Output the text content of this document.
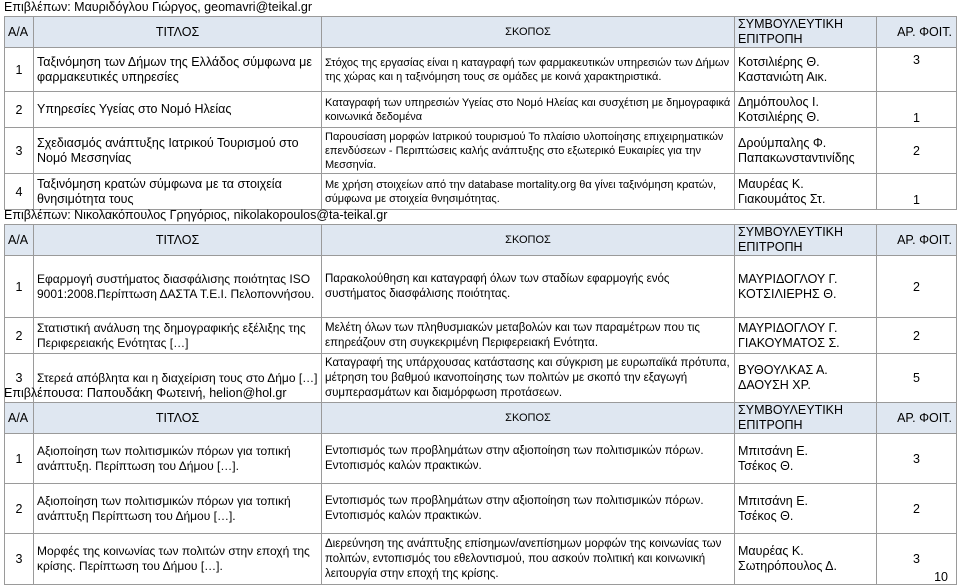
Επιβλέπων: Μαυριδόγλου Γιώργος, geomavri@teikal.gr
Α/Α	ΤΙΤΛΟΣ	ΣΚΟΠΟΣ	ΣΥΜΒΟΥΛΕΥΤΙΚΗ ΕΠΙΤΡΟΠΗ	ΑΡ. ΦΟΙΤ.
1	Ταξινόμηση των Δήμων της Ελλάδος σύμφωνα με φαρμακευτικές υπηρεσίες	Στόχος της εργασίας είναι η καταγραφή των φαρμακευτικών υπηρεσιών των Δήμων της χώρας και η ταξινόμηση τους σε ομάδες με κοινά χαρακτηριστικά.	Κοτσιλιέρης Θ.
Καστανιώτη Αικ.	3
2	Υπηρεσίες Υγείας στο Νομό Ηλείας	Καταγραφή των υπηρεσιών Υγείας στο Νομό Ηλείας και συσχέτιση με δημογραφικά κοινωνικά δεδομένα	Δημόπουλος Ι.
Κοτσιλιέρης Θ.	1
3	Σχεδιασμός ανάπτυξης Ιατρικού Τουρισμού στο Νομό Μεσσηνίας	Παρουσίαση μορφών Ιατρικού τουρισμού Το πλαίσιο υλοποίησης επιχειρηματικών επενδύσεων - Περιπτώσεις καλής ανάπτυξης στο εξωτερικό Ευκαιρίες για την Μεσσηνία.	Δρούμπαλης Φ.
Παπακωνσταντινίδης	2
4	Ταξινόμηση κρατών σύμφωνα με τα στοιχεία θνησιμότητα τους	Με χρήση στοιχείων από την database mortality.org θα γίνει ταξινόμηση κρατών, σύμφωνα με στοιχεία θνησιμότητας.	Μαυρέας Κ.
Γιακουμάτος Στ.	1
Επιβλέπων: Νικολακόπουλος Γρηγόριος, nikolakopoulos@ta-teikal.gr
Α/Α	ΤΙΤΛΟΣ	ΣΚΟΠΟΣ	ΣΥΜΒΟΥΛΕΥΤΙΚΗ ΕΠΙΤΡΟΠΗ	ΑΡ. ΦΟΙΤ.
1	Εφαρμογή συστήματος διασφάλισης ποιότητας ISO 9001:2008.Περίπτωση ΔΑΣΤΑ Τ.Ε.Ι. Πελοποννήσου.	Παρακολούθηση και καταγραφή όλων των σταδίων εφαρμογής ενός συστήματος διασφάλισης ποιότητας.	ΜΑΥΡΙΔΟΓΛΟΥ Γ.
ΚΟΤΣΙΛΙΕΡΗΣ Θ.	2
2	Στατιστική ανάλυση της δημογραφικής εξέλιξης της Περιφερειακής Ενότητας […]	Μελέτη όλων των πληθυσμιακών μεταβολών και των παραμέτρων που τις επηρεάζουν στη συγκεκριμένη Περιφερειακή Ενότητα.	ΜΑΥΡΙΔΟΓΛΟΥ Γ.
ΓΙΑΚΟΥΜΑΤΟΣ Σ.	2
3	Στερεά απόβλητα και η διαχείριση τους στο Δήμο […]	Καταγραφή της υπάρχουσας κατάστασης και σύγκριση με ευρωπαϊκά πρότυπα, μέτρηση του βαθμού ικανοποίησης των πολιτών με σκοπό την εξαγωγή συμπερασμάτων και διαμόρφωση προτάσεων.	ΒΥΘΟΥΛΚΑΣ Α.
ΔΑΟΥΣΗ ΧΡ.	5
Επιβλέπουσα: Παπουδάκη Φωτεινή, helion@hol.gr
Α/Α	ΤΙΤΛΟΣ	ΣΚΟΠΟΣ	ΣΥΜΒΟΥΛΕΥΤΙΚΗ ΕΠΙΤΡΟΠΗ	ΑΡ. ΦΟΙΤ.
1	Αξιοποίηση των πολιτισμικών πόρων για τοπική ανάπτυξη. Περίπτωση του Δήμου […].	Εντοπισμός των προβλημάτων στην αξιοποίηση των πολιτισμικών πόρων. Εντοπισμός καλών πρακτικών.	Μπιτσάνη Ε.
Τσέκος Θ.	3
2	Αξιοποίηση των πολιτισμικών πόρων για τοπική ανάπτυξη Περίπτωση του Δήμου […].	Εντοπισμός των προβλημάτων στην αξιοποίηση των πολιτισμικών πόρων. Εντοπισμός καλών πρακτικών.	Μπιτσάνη Ε.
Τσέκος Θ.	2
3	Μορφές της κοινωνίας των πολιτών στην εποχή της κρίσης. Περίπτωση του Δήμου […].	Διερεύνηση της ανάπτυξης επίσημων/ανεπίσημων μορφών της κοινωνίας των πολιτών, εντοπισμός του εθελοντισμού, που ασκούν πολιτική και κοινωνική λειτουργία στην εποχή της κρίσης.	Μαυρέας Κ.
Σωτηρόπουλος Δ.	3
10
